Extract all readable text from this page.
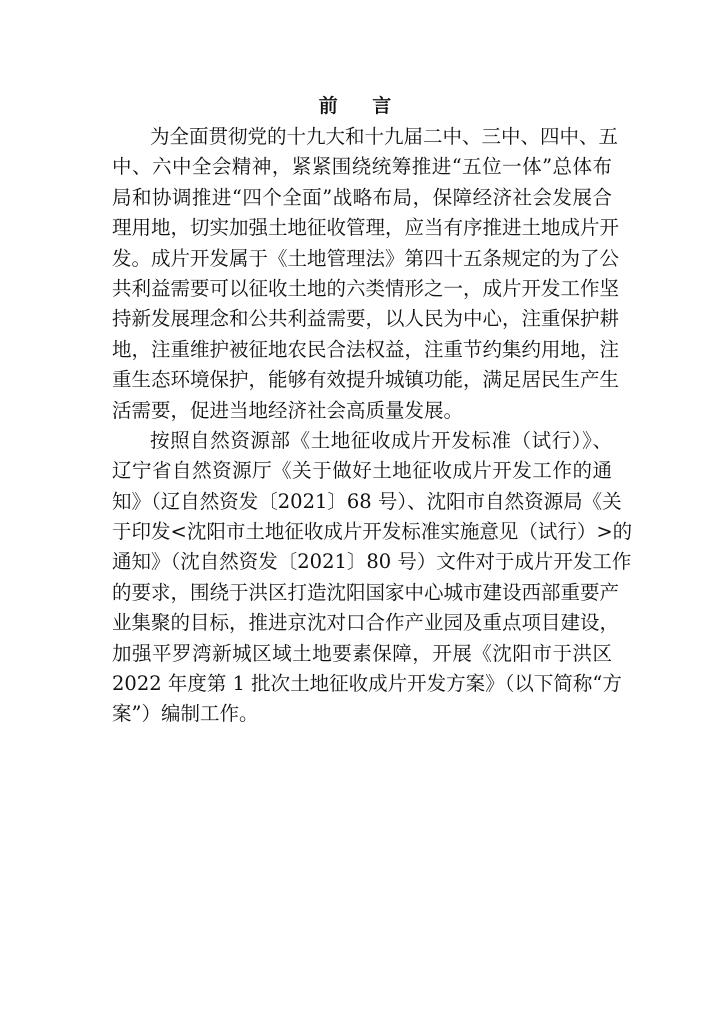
前 言
为全面贯彻党的十九大和十九届二中、三中、四中、五
中、六中全会精神，紧紧围绕统筹推进“五位一体”总体布
局和协调推进“四个全面”战略布局，保障经济社会发展合
理用地，切实加强土地征收管理，应当有序推进土地成片开
发。成片开发属于《土地管理法》第四十五条规定的为了公
共利益需要可以征收土地的六类情形之一，成片开发工作坚
持新发展理念和公共利益需要，以人民为中心，注重保护耕
地，注重维护被征地农民合法权益，注重节约集约用地，注
重生态环境保护，能够有效提升城镇功能，满足居民生产生
活需要，促进当地经济社会高质量发展。
按照自然资源部《土地征收成片开发标准（试行）》、
辽宁省自然资源厅《关于做好土地征收成片开发工作的通
知》（辽自然资发〔2021〕68 号）、沈阳市自然资源局《关
于印发<沈阳市土地征收成片开发标准实施意见（试行）>的
通知》（沈自然资发〔2021〕80 号）文件对于成片开发工作
的要求，围绕于洪区打造沈阳国家中心城市建设西部重要产
业集聚的目标，推进京沈对口合作产业园及重点项目建设，
加强平罗湾新城区域土地要素保障，开展《沈阳市于洪区
2022 年度第 1 批次土地征收成片开发方案》（以下简称“方
案”）编制工作。
